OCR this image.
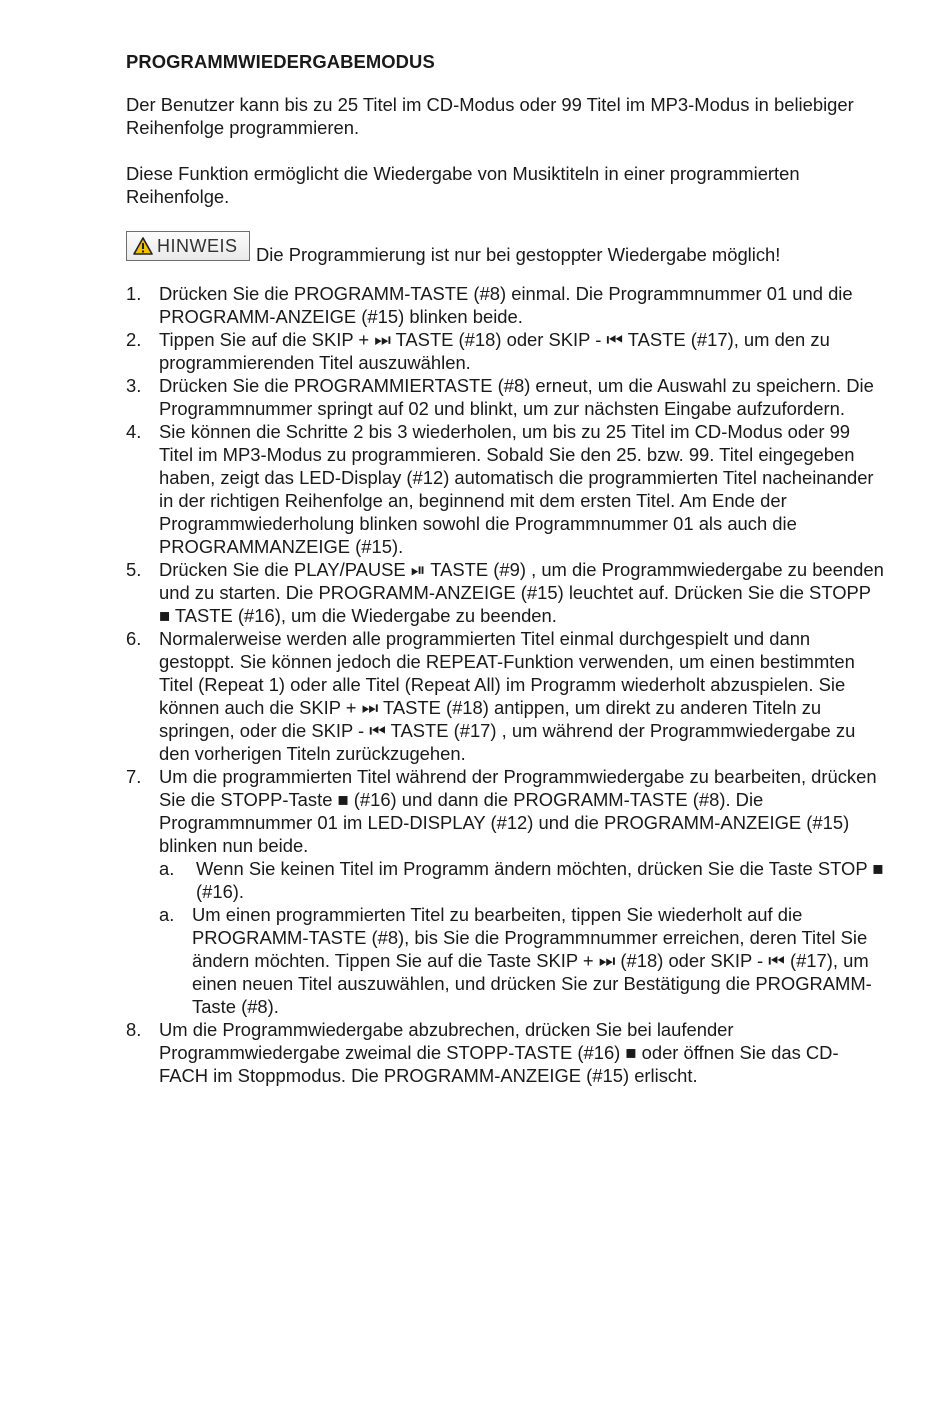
PROGRAMMWIEDERGABEMODUS

Der Benutzer kann bis zu 25 Titel im CD-Modus oder 99 Titel im MP3-Modus in beliebiger Reihenfolge programmieren.

Diese Funktion ermöglicht die Wiedergabe von Musiktiteln in einer programmierten Reihenfolge.

HINWEIS Die Programmierung ist nur bei gestoppter Wiedergabe möglich!
1. Drücken Sie die PROGRAMM-TASTE (#8) einmal. Die Programmnummer 01 und die PROGRAMM-ANZEIGE (#15) blinken beide.
2. Tippen Sie auf die SKIP + ⏭ TASTE (#18) oder SKIP - ⏮ TASTE (#17), um den zu programmierenden Titel auszuwählen.
3. Drücken Sie die PROGRAMMIERTASTE (#8) erneut, um die Auswahl zu speichern. Die Programmnummer springt auf 02 und blinkt, um zur nächsten Eingabe aufzufordern.
4. Sie können die Schritte 2 bis 3 wiederholen, um bis zu 25 Titel im CD-Modus oder 99 Titel im MP3-Modus zu programmieren. Sobald Sie den 25. bzw. 99. Titel eingegeben haben, zeigt das LED-Display (#12) automatisch die programmierten Titel nacheinander in der richtigen Reihenfolge an, beginnend mit dem ersten Titel. Am Ende der Programmwiederholung blinken sowohl die Programmnummer 01 als auch die PROGRAMMANZEIGE (#15).
5. Drücken Sie die PLAY/PAUSE ⏯ TASTE (#9) , um die Programmwiedergabe zu beenden und zu starten. Die PROGRAMM-ANZEIGE (#15) leuchtet auf. Drücken Sie die STOPP ■ TASTE (#16), um die Wiedergabe zu beenden.
6. Normalerweise werden alle programmierten Titel einmal durchgespielt und dann gestoppt. Sie können jedoch die REPEAT-Funktion verwenden, um einen bestimmten Titel (Repeat 1) oder alle Titel (Repeat All) im Programm wiederholt abzuspielen. Sie können auch die SKIP + ⏭ TASTE (#18) antippen, um direkt zu anderen Titeln zu springen, oder die SKIP - ⏮ TASTE (#17) , um während der Programmwiedergabe zu den vorherigen Titeln zurückzugehen.
7. Um die programmierten Titel während der Programmwiedergabe zu bearbeiten, drücken Sie die STOPP-Taste ■ (#16) und dann die PROGRAMM-TASTE (#8). Die Programmnummer 01 im LED-DISPLAY (#12) und die PROGRAMM-ANZEIGE (#15) blinken nun beide.
a. Wenn Sie keinen Titel im Programm ändern möchten, drücken Sie die Taste STOP ■ (#16).
a. Um einen programmierten Titel zu bearbeiten, tippen Sie wiederholt auf die PROGRAMM-TASTE (#8), bis Sie die Programmnummer erreichen, deren Titel Sie ändern möchten. Tippen Sie auf die Taste SKIP + ⏭ (#18) oder SKIP - ⏮ (#17), um einen neuen Titel auszuwählen, und drücken Sie zur Bestätigung die PROGRAMM-Taste (#8).
8. Um die Programmwiedergabe abzubrechen, drücken Sie bei laufender Programmwiedergabe zweimal die STOPP-TASTE (#16) ■ oder öffnen Sie das CD-FACH im Stoppmodus. Die PROGRAMM-ANZEIGE (#15) erlischt.
